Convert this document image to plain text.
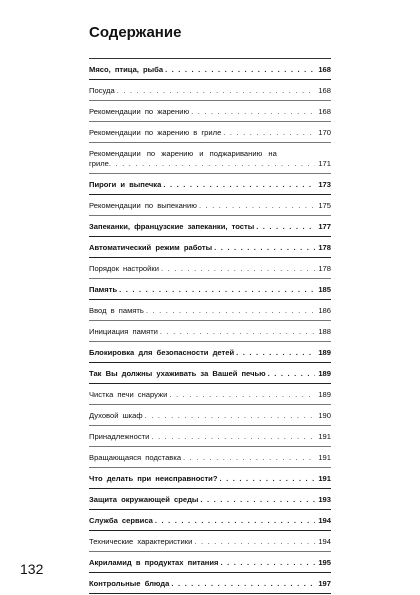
Содержание
Мясо, птица, рыба . . .	168
Посуда . . .	168
Рекомендации по жарению . . .	168
Рекомендации по жарению в гриле . . .	170
Рекомендации по жарению и поджариванию на
гриле . . .	171
Пироги и выпечка . . .	173
Рекомендации по выпеканию . . .	175
Запеканки, французские запеканки, тосты . . .	177
Автоматический режим работы . . .	178
Порядок настройки . . .	178
Память . . .	185
Ввод в память . . .	186
Инициация памяти . . .	188
Блокировка для безопасности детей . . .	189
Так Вы должны ухаживать за Вашей печью . . .	189
Чистка печи снаружи . . .	189
Духовой шкаф . . .	190
Принадлежности . . .	191
Вращающаяся подставка . . .	191
Что делать при неисправности? . . .	191
Защита окружающей среды . . .	193
Служба сервиса . . .	194
Технические характеристики . . .	194
Акриламид в продуктах питания . . .	195
Контрольные блюда . . .	197
132
